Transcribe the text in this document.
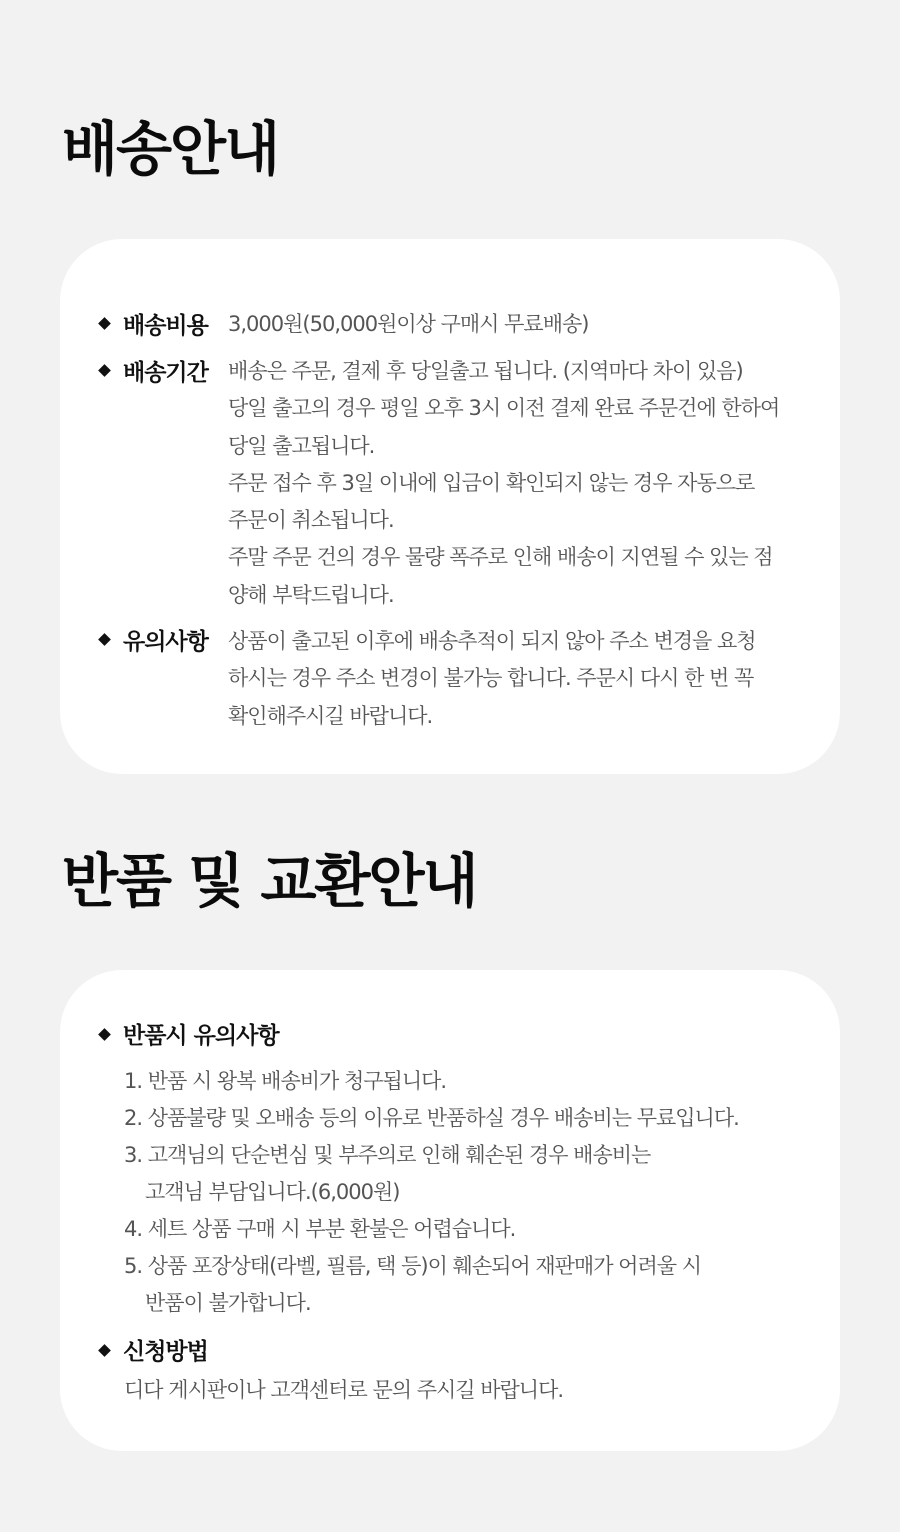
배송안내
배송비용 3,000원(50,000원이상 구매시 무료배송)
배송기간 배송은 주문, 결제 후 당일출고 됩니다. (지역마다 차이 있음)
당일 출고의 경우 평일 오후 3시 이전 결제 완료 주문건에 한하여
당일 출고됩니다.
주문 접수 후 3일 이내에 입금이 확인되지 않는 경우 자동으로
주문이 취소됩니다.
주말 주문 건의 경우 물량 폭주로 인해 배송이 지연될 수 있는 점
양해 부탁드립니다.
유의사항 상품이 출고된 이후에 배송추적이 되지 않아 주소 변경을 요청
하시는 경우 주소 변경이 불가능 합니다. 주문시 다시 한 번 꼭
확인해주시길 바랍니다.
반품 및 교환안내
반품시 유의사항
1. 반품 시 왕복 배송비가 청구됩니다.
2. 상품불량 및 오배송 등의 이유로 반품하실 경우 배송비는 무료입니다.
3. 고객님의 단순변심 및 부주의로 인해 훼손된 경우 배송비는
고객님 부담입니다.(6,000원)
4. 세트 상품 구매 시 부분 환불은 어렵습니다.
5. 상품 포장상태(라벨, 필름, 택 등)이 훼손되어 재판매가 어려울 시
반품이 불가합니다.
신청방법
디다 게시판이나 고객센터로 문의 주시길 바랍니다.
